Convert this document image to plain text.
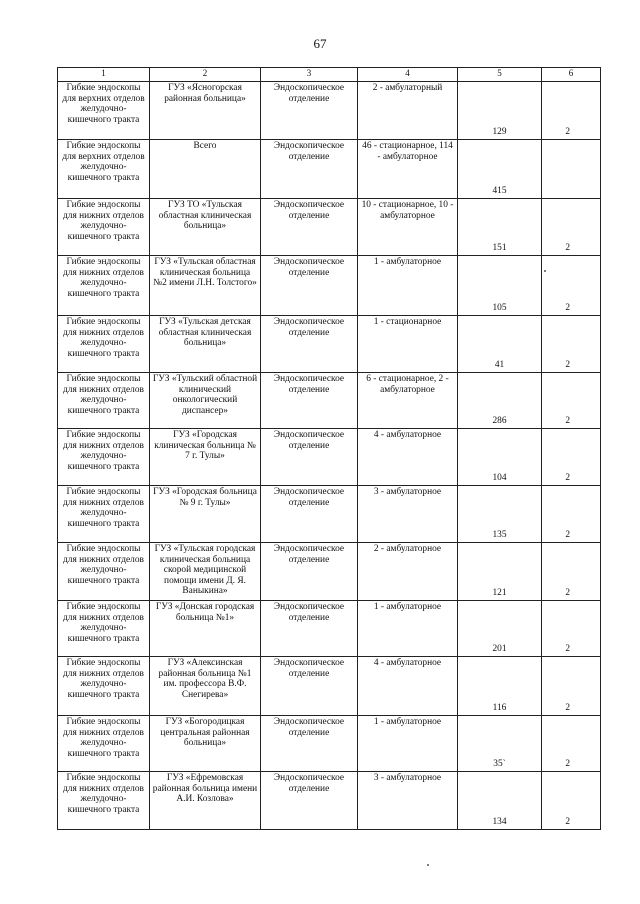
67
1	2	3	4	5	6
Гибкие эндоскопы для верхних отделов желудочно-кишечного тракта	ГУЗ «Ясногорская районная больница»	Эндоскопическое отделение	2 - амбулаторный	129	2
Гибкие эндоскопы для верхних отделов желудочно-кишечного тракта	Всего	Эндоскопическое отделение	46 - стационарное, 114 - амбулаторное	415	
Гибкие эндоскопы для нижних отделов желудочно-кишечного тракта	ГУЗ ТО «Тульская областная клиническая больница»	Эндоскопическое отделение	10 - стационарное, 10 - амбулаторное	151	2
Гибкие эндоскопы для нижних отделов желудочно-кишечного тракта	ГУЗ «Тульская областная клиническая больница №2 имени Л.Н. Толстого»	Эндоскопическое отделение	1 - амбулаторное	105	2
Гибкие эндоскопы для нижних отделов желудочно-кишечного тракта	ГУЗ «Тульская детская областная клиническая больница»	Эндоскопическое отделение	1 - стационарное	41	2
Гибкие эндоскопы для нижних отделов желудочно-кишечного тракта	ГУЗ «Тульский областной клинический онкологический диспансер»	Эндоскопическое отделение	6 - стационарное, 2 - амбулаторное	286	2
Гибкие эндоскопы для нижних отделов желудочно-кишечного тракта	ГУЗ «Городская клиническая больница № 7 г. Тулы»	Эндоскопическое отделение	4 - амбулаторное	104	2
Гибкие эндоскопы для нижних отделов желудочно-кишечного тракта	ГУЗ «Городская больница № 9 г. Тулы»	Эндоскопическое отделение	3 - амбулаторное	135	2
Гибкие эндоскопы для нижних отделов желудочно-кишечного тракта	ГУЗ «Тульская городская клиническая больница скорой медицинской помощи имени Д. Я. Ваныкина»	Эндоскопическое отделение	2 - амбулаторное	121	2
Гибкие эндоскопы для нижних отделов желудочно-кишечного тракта	ГУЗ «Донская городская больница №1»	Эндоскопическое отделение	1 - амбулаторное	201	2
Гибкие эндоскопы для нижних отделов желудочно-кишечного тракта	ГУЗ «Алексинская районная больница №1 им. профессора В.Ф. Снегирева»	Эндоскопическое отделение	4 - амбулаторное	116	2
Гибкие эндоскопы для нижних отделов желудочно-кишечного тракта	ГУЗ «Богородицкая центральная районная больница»	Эндоскопическое отделение	1 - амбулаторное	35`	2
Гибкие эндоскопы для нижних отделов желудочно-кишечного тракта	ГУЗ «Ефремовская районная больница имени А.И. Козлова»	Эндоскопическое отделение	3 - амбулаторное	134	2
